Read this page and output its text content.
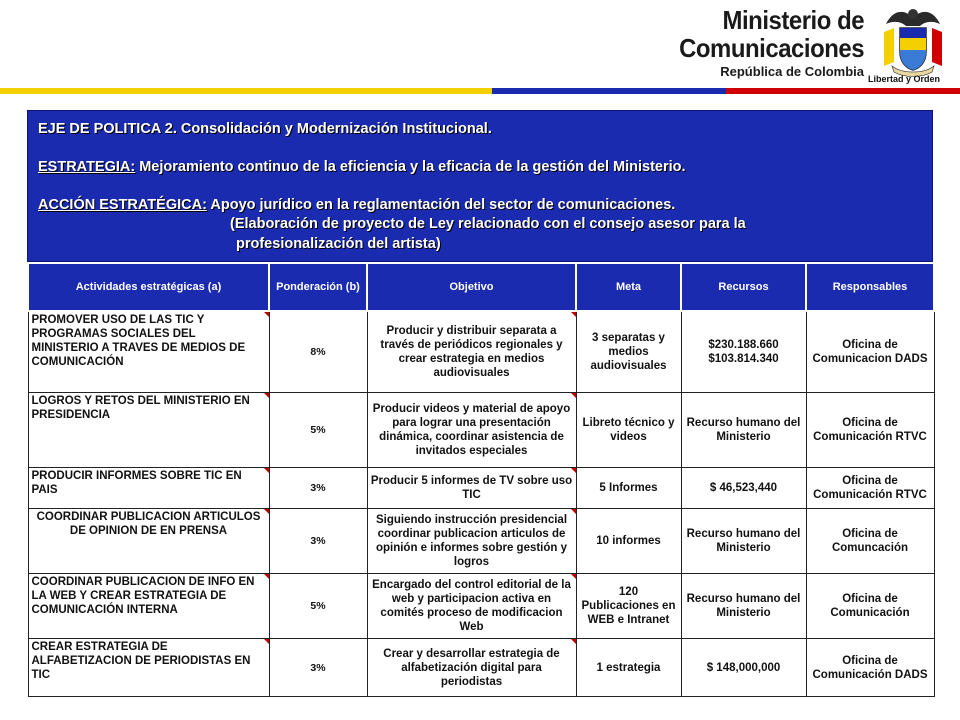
Ministerio de
Comunicaciones
República de Colombia Libertad y Orden
EJE DE POLITICA 2. Consolidación y Modernización Institucional.
ESTRATEGIA: Mejoramiento continuo de la eficiencia y la eficacia de la gestión del Ministerio.
ACCIÓN ESTRATÉGICA: Apoyo jurídico en la reglamentación del sector de comunicaciones.
(Elaboración de proyecto de Ley relacionado con el consejo asesor para la
profesionalización del artista)
Actividades estratégicas (a)	Ponderación (b)	Objetivo	Meta	Recursos	Responsables
PROMOVER USO DE LAS TIC Y PROGRAMAS SOCIALES DEL MINISTERIO A TRAVES DE MEDIOS DE COMUNICACIÓN	8%	Producir y distribuir separata a través de periódicos regionales y crear estrategia en medios audiovisuales	3 separatas y medios audiovisuales	$230.188.660 $103.814.340	Oficina de Comunicacion DADS
LOGROS Y RETOS DEL MINISTERIO EN PRESIDENCIA	5%	Producir videos y material de apoyo para lograr una presentación dinámica, coordinar asistencia de invitados especiales	Libreto técnico y videos	Recurso humano del Ministerio	Oficina de Comunicación RTVC
PRODUCIR INFORMES SOBRE TIC EN PAIS	3%	Producir 5 informes de TV sobre uso TIC	5 Informes	$ 46,523,440	Oficina de Comunicación RTVC
COORDINAR PUBLICACION ARTICULOS DE OPINION DE EN PRENSA	3%	Siguiendo instrucción presidencial coordinar publicacion articulos de opinión e informes sobre gestión y logros	10 informes	Recurso humano del Ministerio	Oficina de Comuncación
COORDINAR PUBLICACION DE INFO EN LA WEB Y CREAR ESTRATEGIA DE COMUNICACIÓN INTERNA	5%	Encargado del control editorial de la web y participacion activa en comités proceso de modificacion Web	120 Publicaciones en WEB e Intranet	Recurso humano del Ministerio	Oficina de Comunicación
CREAR ESTRATEGIA DE ALFABETIZACION DE PERIODISTAS EN TIC	3%	Crear y desarrollar estrategia de alfabetización digital para periodistas	1 estrategia	$ 148,000,000	Oficina de Comunicación DADS
